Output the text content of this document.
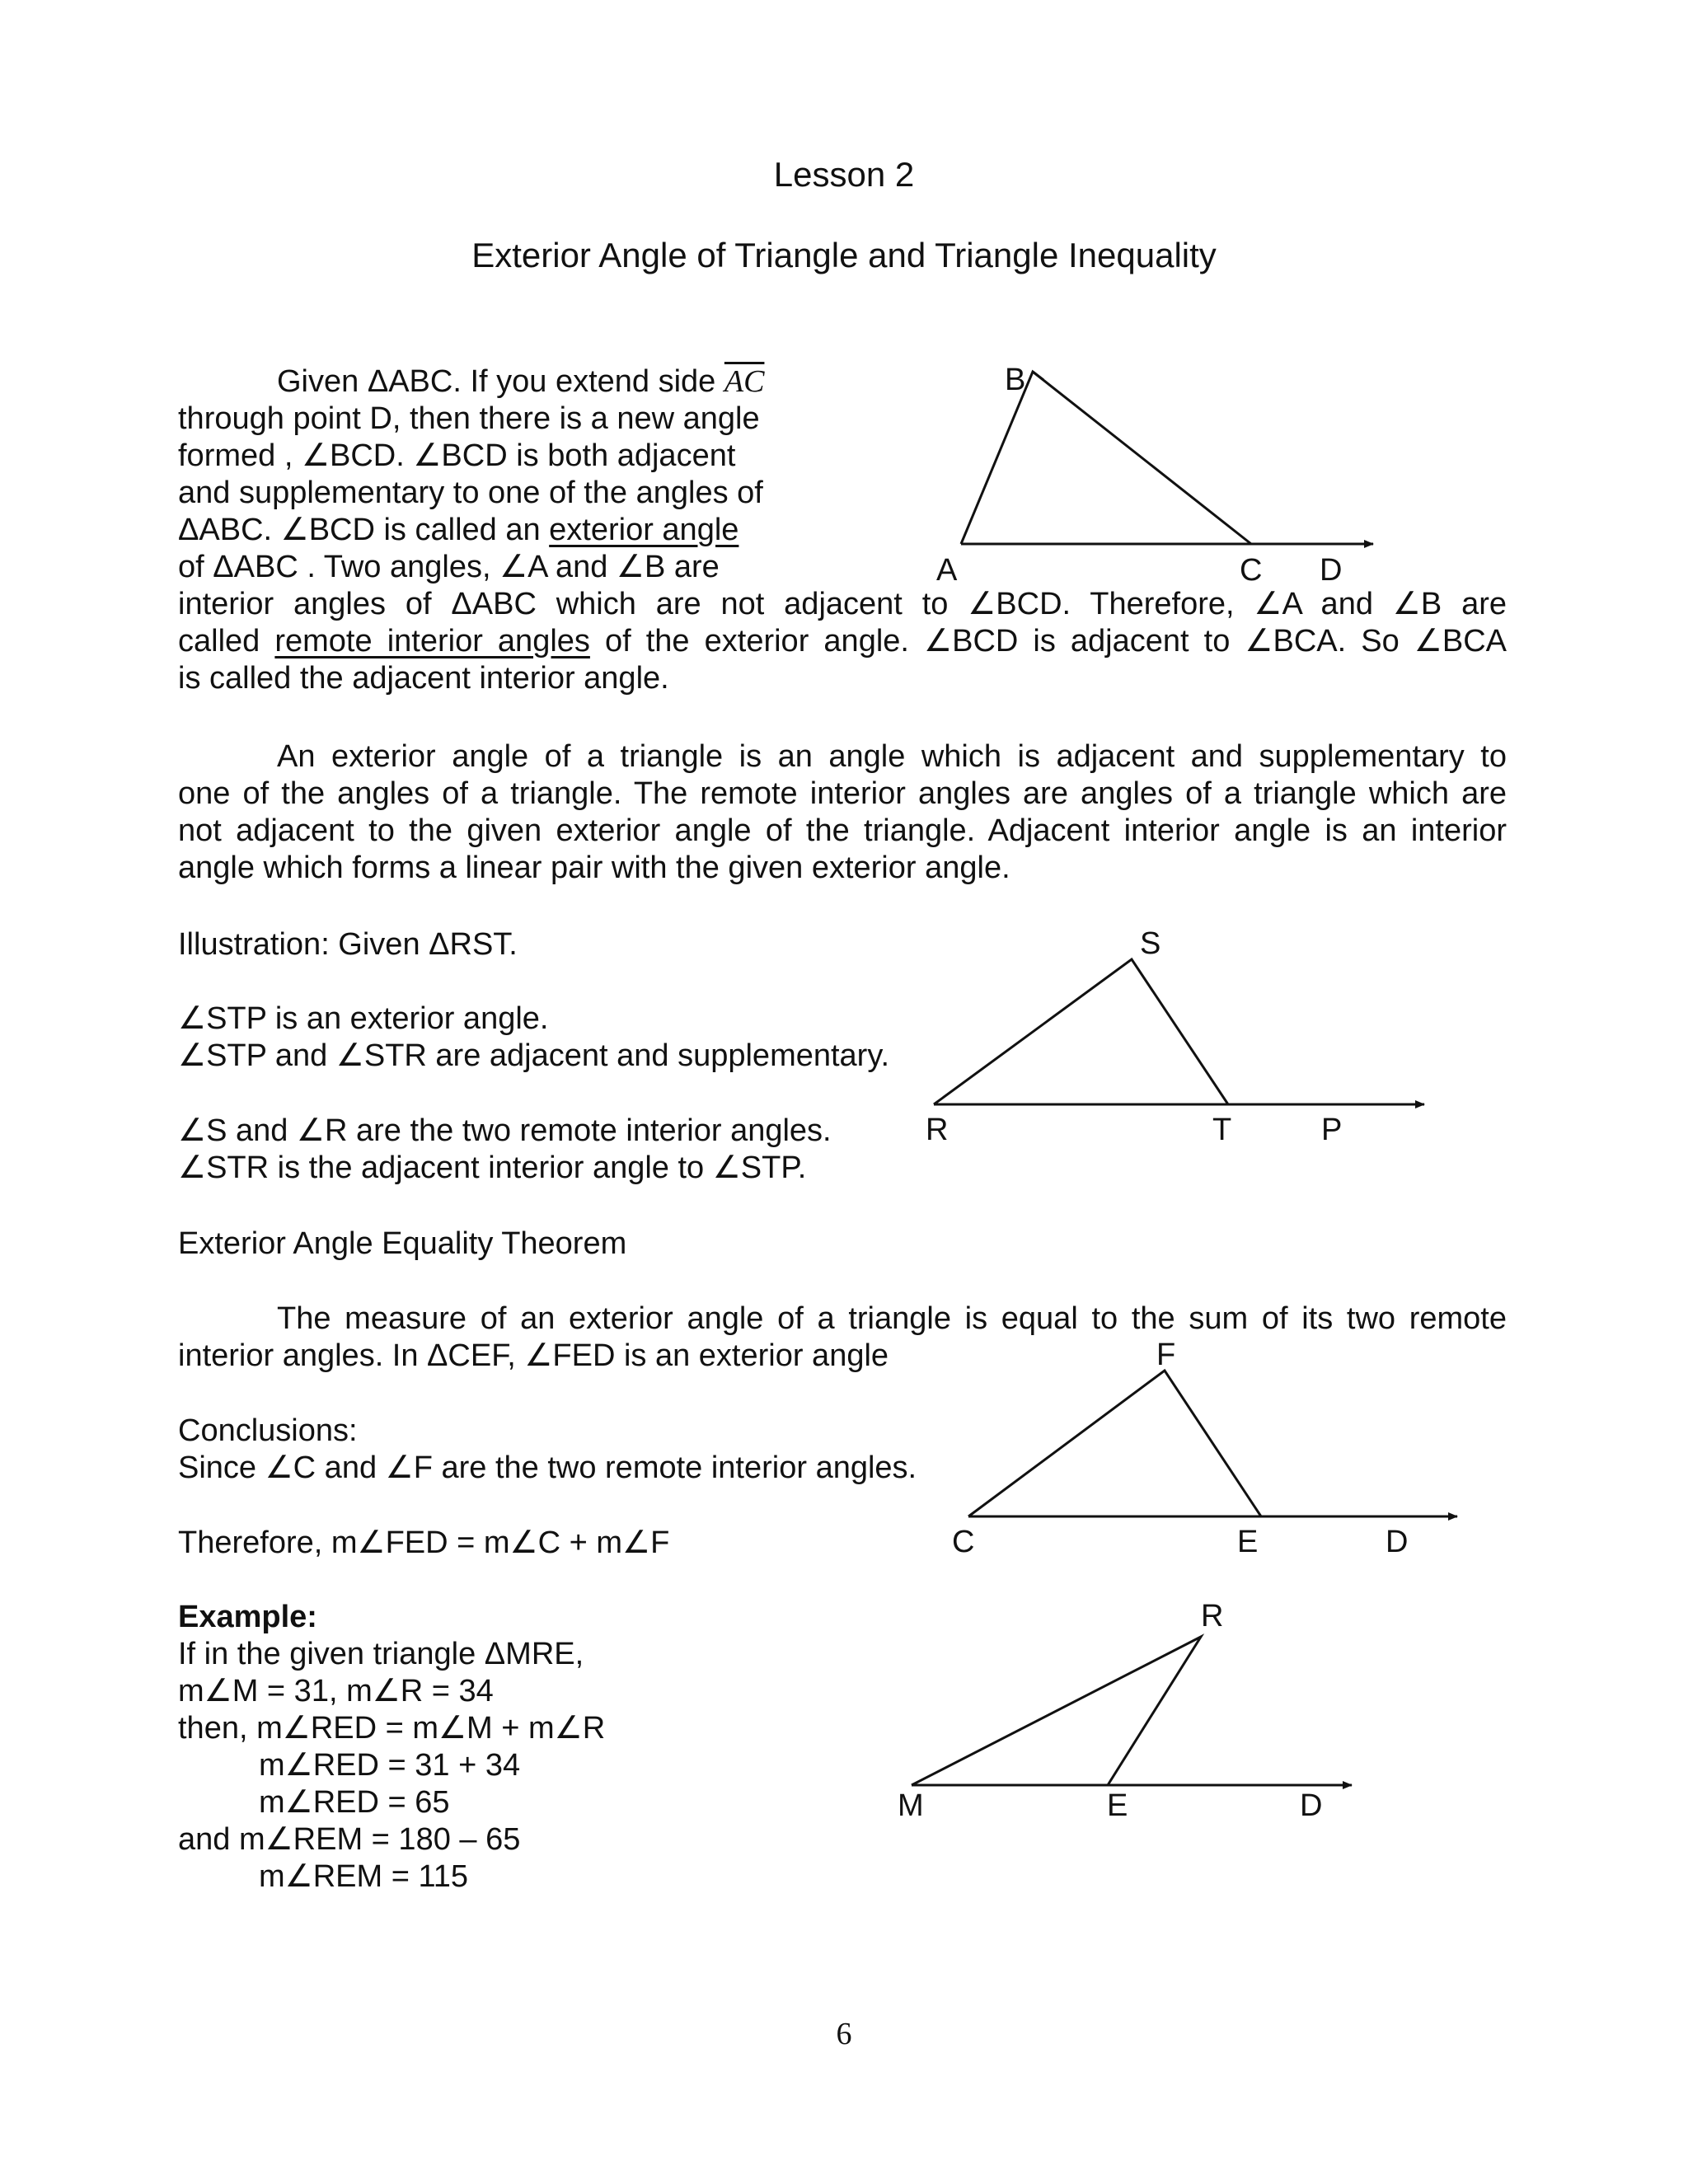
Lesson 2
Exterior Angle of Triangle and Triangle Inequality
Given ΔABC. If you extend side $\overline{AC}$
through point D, then there is a new angle
formed , ∠BCD. ∠BCD is both adjacent
and supplementary to one of the angles of
ΔABC. ∠BCD is called an exterior angle
of ΔABC . Two angles, ∠A and ∠B are
interior angles of ΔABC which are not adjacent to ∠BCD. Therefore, ∠A and ∠B are
called remote interior angles of the exterior angle. ∠BCD is adjacent to ∠BCA. So ∠BCA
is called the adjacent interior angle.
An exterior angle of a triangle is an angle which is adjacent and supplementary to
one of the angles of a triangle. The remote interior angles are angles of a triangle which are
not adjacent to the given exterior angle of the triangle. Adjacent interior angle is an interior
angle which forms a linear pair with the given exterior angle.
Illustration: Given ΔRST.
∠STP is an exterior angle.
∠STP and ∠STR are adjacent and supplementary.
∠S and ∠R are the two remote interior angles.
∠STR is the adjacent interior angle to ∠STP.
Exterior Angle Equality Theorem
The measure of an exterior angle of a triangle is equal to the sum of its two remote
interior angles. In ΔCEF, ∠FED is an exterior angle
Conclusions:
Since ∠C and ∠F are the two remote interior angles.
Therefore, m∠FED = m∠C + m∠F
Example:
If in the given triangle ΔMRE,
m∠M = 31, m∠R = 34
then, m∠RED = m∠M + m∠R
m∠RED = 31 + 34
m∠RED = 65
and m∠REM = 180 – 65
m∠REM = 115
B
A	C D
S
R	T	P
F
C	E	D
R
M	E	D
6
